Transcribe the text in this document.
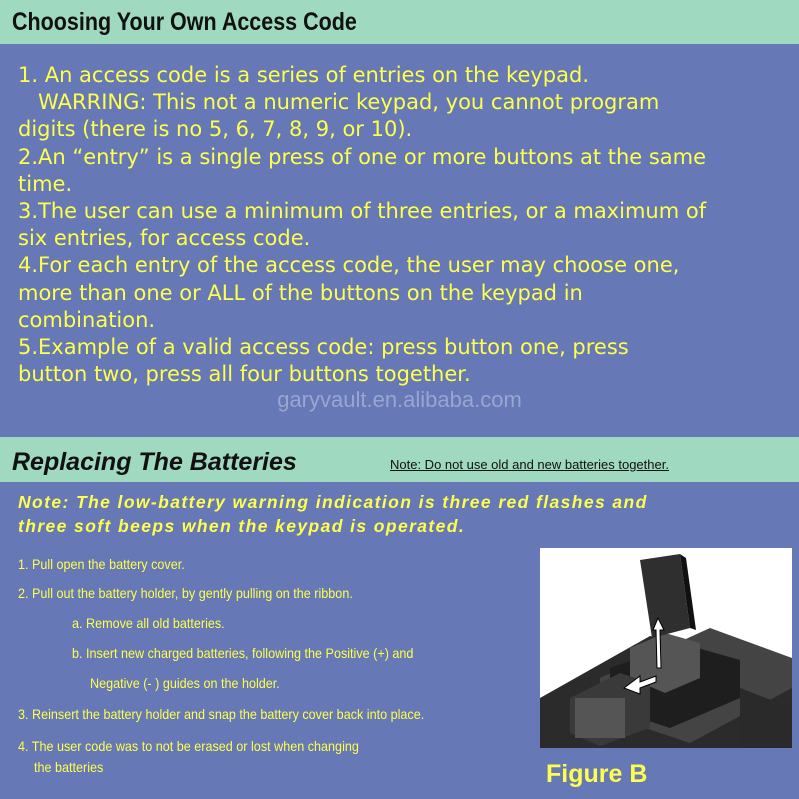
Choosing Your Own Access Code

1. An access code is a series of entries on the keypad.

WARRING: This not a numeric keypad, you cannot program

digits (there is no 5, 6, 7, 8, 9, or 10).

2.An “entry” is a single press of one or more buttons at the same

time.

3.The user can use a minimum of three entries, or a maximum of

six entries, for access code.

4.For each entry of the access code, the user may choose one,

more than one or ALL of the buttons on the keypad in

combination.

5.Example of a valid access code: press button one, press

button two, press all four buttons together.

garyvault.en.alibaba.com
Replacing The Batteries	Note: Do not use old and new batteries together.
Note: The low-battery warning indication is three red flashes and
three soft beeps when the keypad is operated.

1. Pull open the battery cover.

2. Pull out the battery holder, by gently pulling on the ribbon.

a. Remove all old batteries.

b. Insert new charged batteries, following the Positive (+) and

Negative (- ) guides on the holder.

3. Reinsert the battery holder and snap the battery cover back into place.

4. The user code was to not be erased or lost when changing

the batteries	Figure B
